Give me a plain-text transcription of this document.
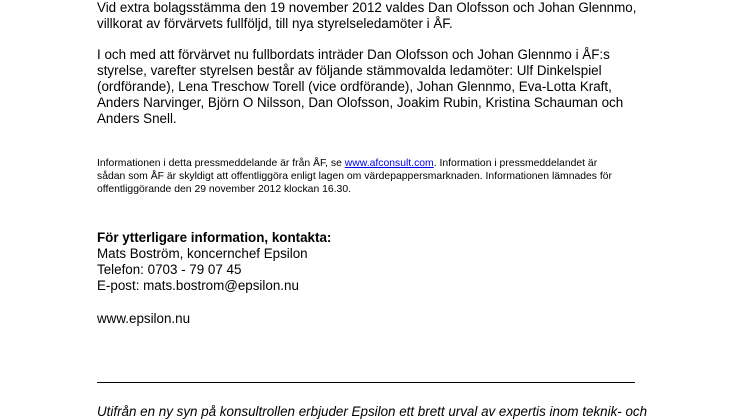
Vid extra bolagsstämma den 19 november 2012 valdes Dan Olofsson och Johan Glennmo,

villkorat av förvärvets fullföljd, till nya styrelseledamöter i ÅF.

I och med att förvärvet nu fullbordats inträder Dan Olofsson och Johan Glennmo i ÅF:s

styrelse, varefter styrelsen består av följande stämmovalda ledamöter: Ulf Dinkelspiel

(ordförande), Lena Treschow Torell (vice ordförande), Johan Glennmo, Eva-Lotta Kraft,

Anders Narvinger, Björn O Nilsson, Dan Olofsson, Joakim Rubin, Kristina Schauman och

Anders Snell.

Informationen i detta pressmeddelande är från ÅF, se www.afconsult.com. Information i pressmeddelandet är

sådan som ÅF är skyldigt att offentliggöra enligt lagen om värdepappersmarknaden. Informationen lämnades för

offentliggörande den 29 november 2012 klockan 16.30.

För ytterligare information, kontakta:

Mats Boström, koncernchef Epsilon

Telefon: 0703 - 79 07 45

E-post: mats.bostrom@epsilon.nu

www.epsilon.nu

Utifrån en ny syn på konsultrollen erbjuder Epsilon ett brett urval av expertis inom teknik- och
